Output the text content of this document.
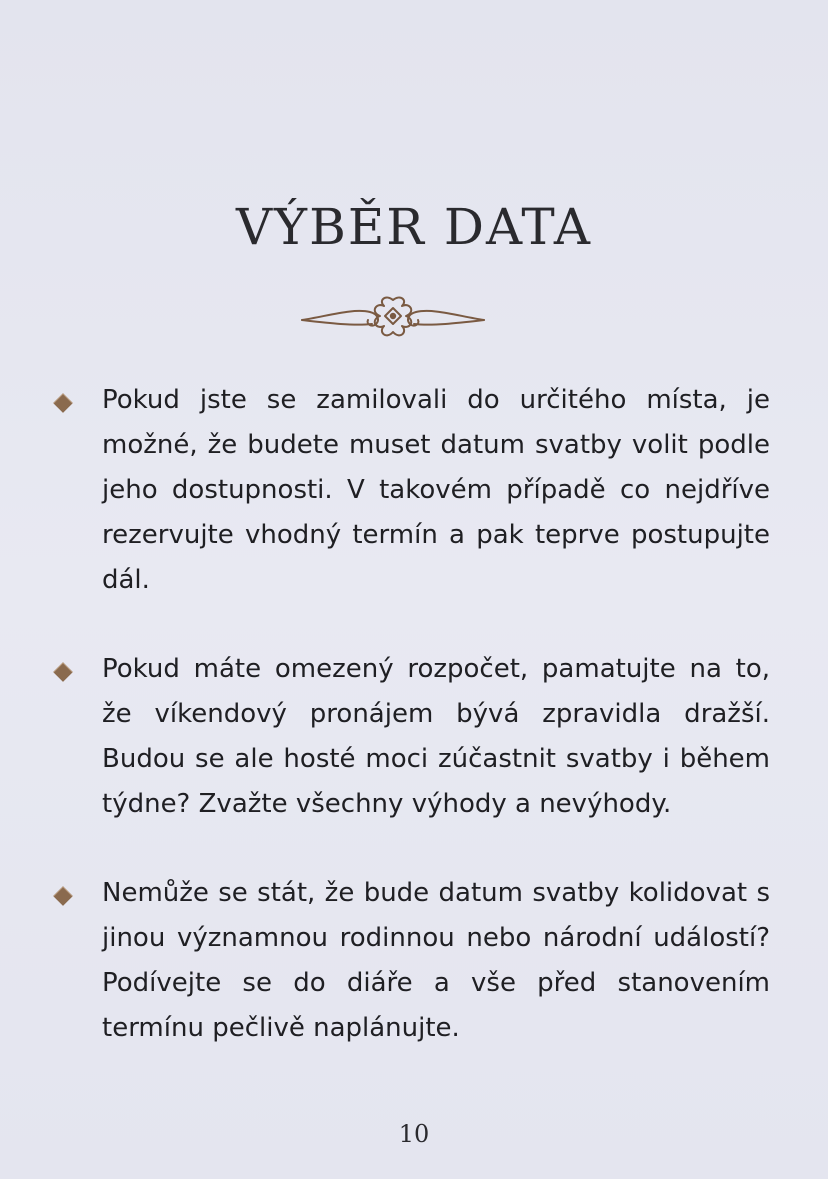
VÝBĚR DATA

Pokud jste se zamilovali do určitého místa, je možné, že budete muset datum svatby volit podle jeho dostupnosti. V takovém případě co nejdříve rezervujte vhodný termín a pak teprve postupujte dál.

Pokud máte omezený rozpočet, pamatujte na to, že víkendový pronájem bývá zpravidla dražší. Budou se ale hosté moci zúčastnit svatby i během týdne? Zvažte všechny výhody a nevýhody.

Nemůže se stát, že bude datum svatby kolidovat s jinou významnou rodinnou nebo národní událostí? Podívejte se do diáře a vše před stanovením termínu pečlivě naplánujte.

10
